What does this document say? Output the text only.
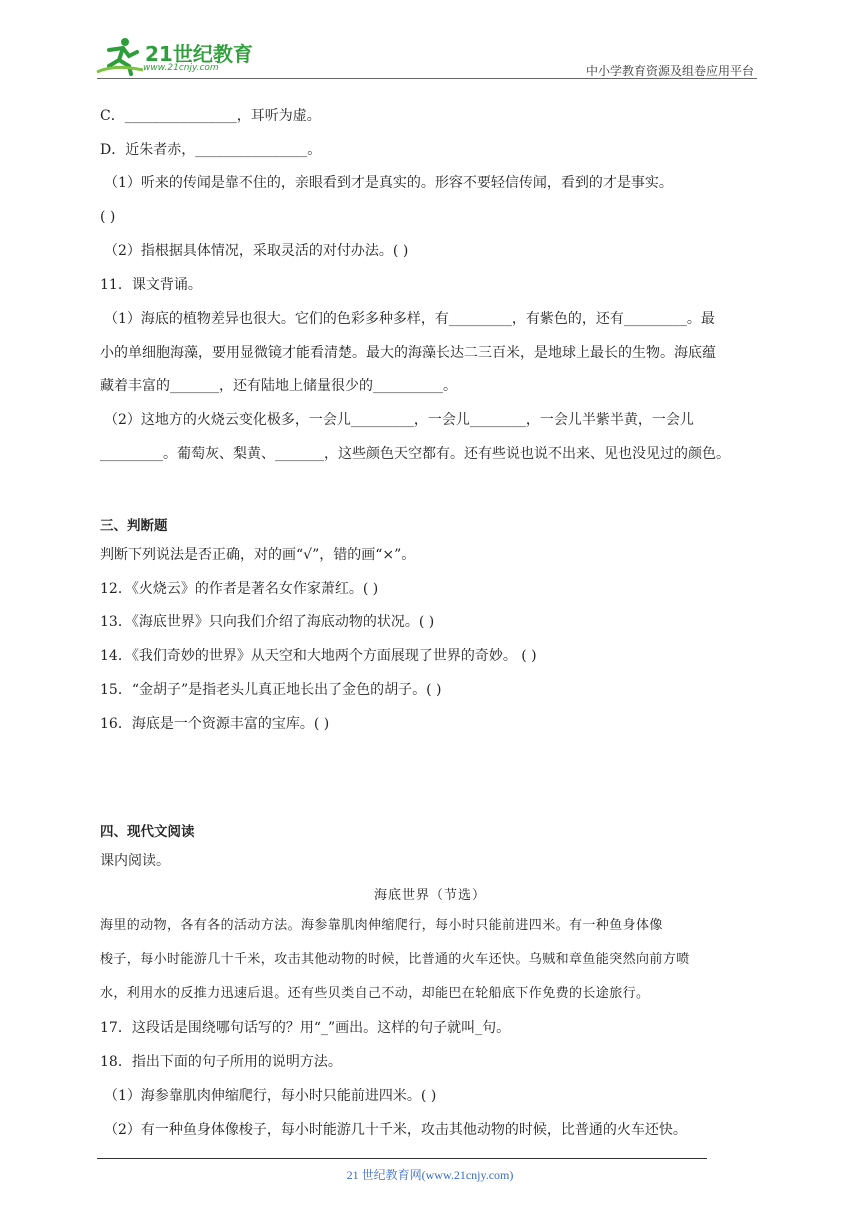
21世纪教育
www.21cnjy.com	中小学教育资源及组卷应用平台
C．________________，耳听为虚。
D．近朱者赤，________________。
（1）听来的传闻是靠不住的，亲眼看到才是真实的。形容不要轻信传闻，看到的才是事实。
( )
（2）指根据具体情况，采取灵活的对付办法。( )
11．课文背诵。
（1）海底的植物差异也很大。它们的色彩多种多样，有_________，有紫色的，还有_________。最
小的单细胞海藻，要用显微镜才能看清楚。最大的海藻长达二三百米，是地球上最长的生物。海底蕴
藏着丰富的_______，还有陆地上储量很少的__________。
（2）这地方的火烧云变化极多，一会儿_________，一会儿________，一会儿半紫半黄，一会儿
_________。葡萄灰、梨黄、_______，这些颜色天空都有。还有些说也说不出来、见也没见过的颜色。
三、判断题
判断下列说法是否正确，对的画“√”，错的画“×”。
12．《火烧云》的作者是著名女作家萧红。( )
13．《海底世界》只向我们介绍了海底动物的状况。( )
14．《我们奇妙的世界》从天空和大地两个方面展现了世界的奇妙。 ( )
15．“金胡子”是指老头儿真正地长出了金色的胡子。( )
16．海底是一个资源丰富的宝库。( )
四、现代文阅读
课内阅读。
海底世界（节选）
海里的动物，各有各的活动方法。海参靠肌肉伸缩爬行，每小时只能前进四米。有一种鱼身体像
梭子，每小时能游几十千米，攻击其他动物的时候，比普通的火车还快。乌贼和章鱼能突然向前方喷
水，利用水的反推力迅速后退。还有些贝类自己不动，却能巴在轮船底下作免费的长途旅行。
17．这段话是围绕哪句话写的？用“_”画出。这样的句子就叫_句。
18．指出下面的句子所用的说明方法。
（1）海参靠肌肉伸缩爬行，每小时只能前进四米。( )
（2）有一种鱼身体像梭子，每小时能游几十千米，攻击其他动物的时候，比普通的火车还快。
21 世纪教育网(www.21cnjy.com)
